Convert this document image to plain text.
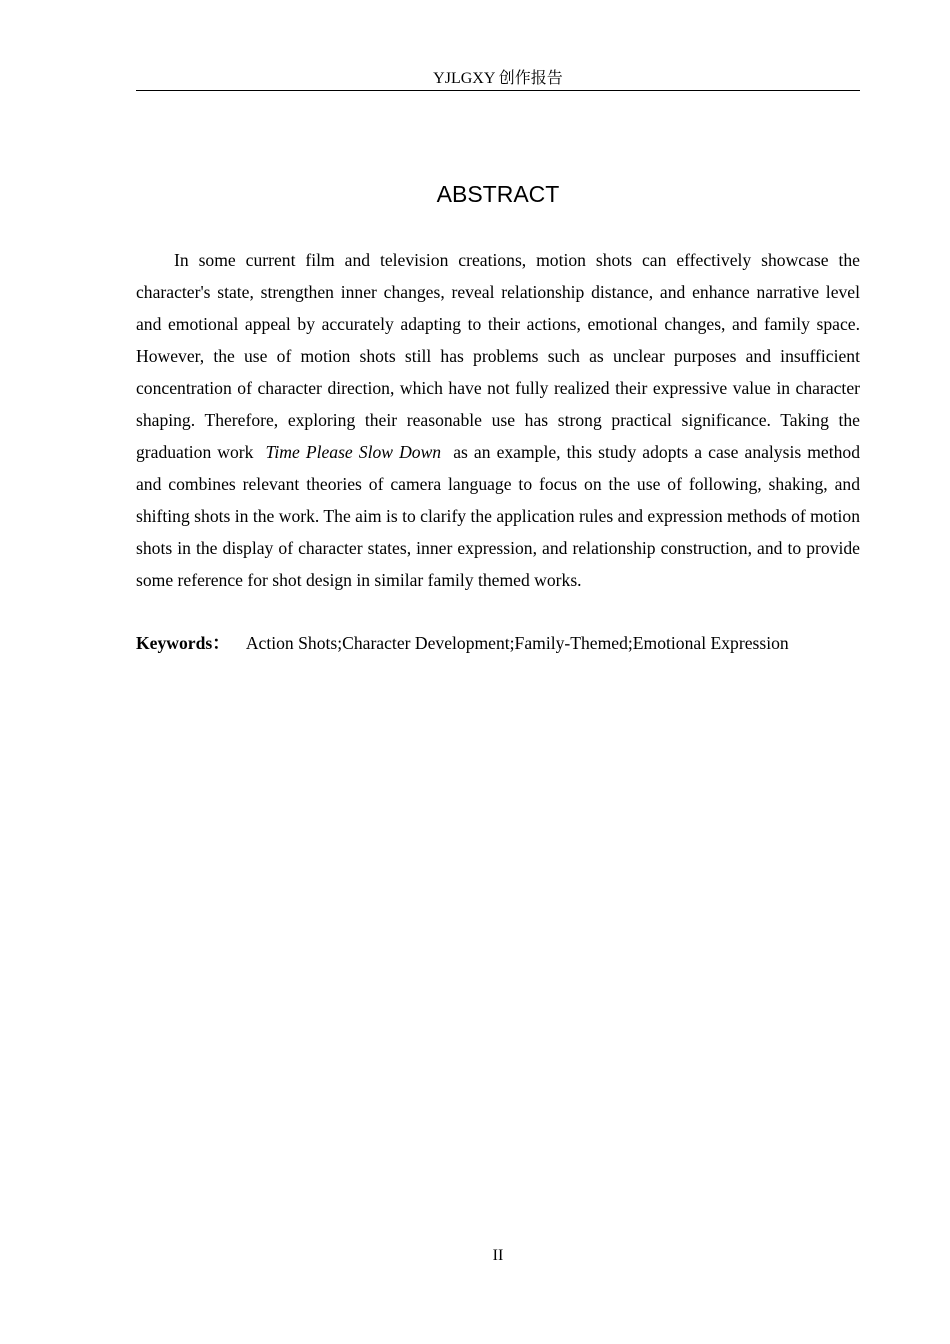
YJLGXY 创作报告
ABSTRACT

In some current film and television creations, motion shots can effectively showcase the character's state, strengthen inner changes, reveal relationship distance, and enhance narrative level and emotional appeal by accurately adapting to their actions, emotional changes, and family space. However, the use of motion shots still has problems such as unclear purposes and insufficient concentration of character direction, which have not fully realized their expressive value in character shaping. Therefore, exploring their reasonable use has strong practical significance. Taking the graduation work Time Please Slow Down as an example, this study adopts a case analysis method and combines relevant theories of camera language to focus on the use of following, shaking, and shifting shots in the work. The aim is to clarify the application rules and expression methods of motion shots in the display of character states, inner expression, and relationship construction, and to provide some reference for shot design in similar family themed works.

Keywords： Action Shots;Character Development;Family-Themed;Emotional Expression

II
